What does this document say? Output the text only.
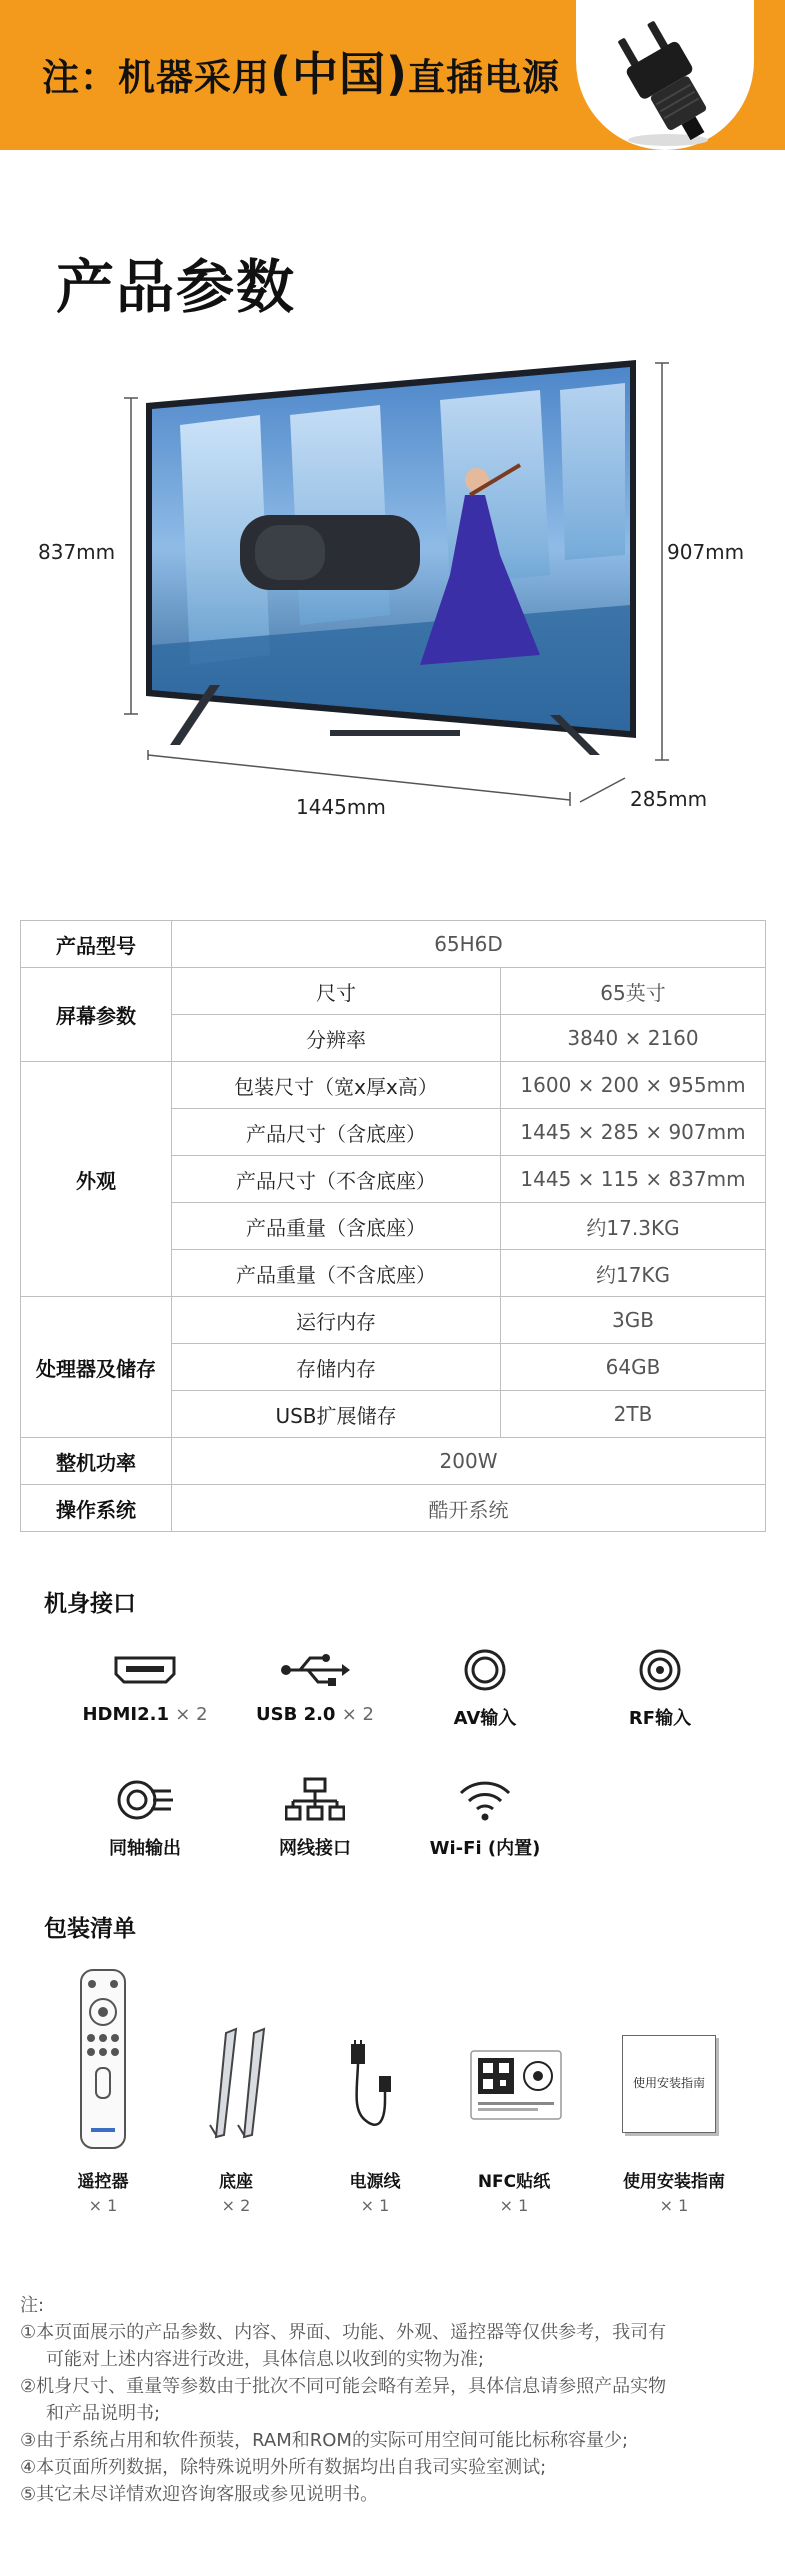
注：机器采用(中国)直插电源
产品参数
837mm	907mm
1445mm	285mm
产品型号	65H6D	
屏幕参数	尺寸	65英寸
	分辨率	3840 × 2160
外观	包装尺寸（宽x厚x高）	1600 × 200 × 955mm
	产品尺寸（含底座）	1445 × 285 × 907mm
	产品尺寸（不含底座）	1445 × 115 × 837mm
	产品重量（含底座）	约17.3KG
	产品重量（不含底座）	约17KG
处理器及储存	运行内存	3GB
	存储内存	64GB
	USB扩展储存	2TB
整机功率	200W	
操作系统	酷开系统	
机身接口
HDMI2.1 × 2	USB 2.0 × 2	AV输入	RF输入
同轴输出	网线接口	Wi-Fi (内置)
包装清单
使用安装指南
遥控器
× 1
底座
× 2
电源线
× 1
NFC贴纸
× 1
使用安装指南
× 1
注:
①本页面展示的产品参数、内容、界面、功能、外观、遥控器等仅供参考，我司有
可能对上述内容进行改进，具体信息以收到的实物为准;
②机身尺寸、重量等参数由于批次不同可能会略有差异，具体信息请参照产品实物
和产品说明书;
③由于系统占用和软件预装，RAM和ROM的实际可用空间可能比标称容量少;
④本页面所列数据，除特殊说明外所有数据均出自我司实验室测试;
⑤其它未尽详情欢迎咨询客服或参见说明书。
